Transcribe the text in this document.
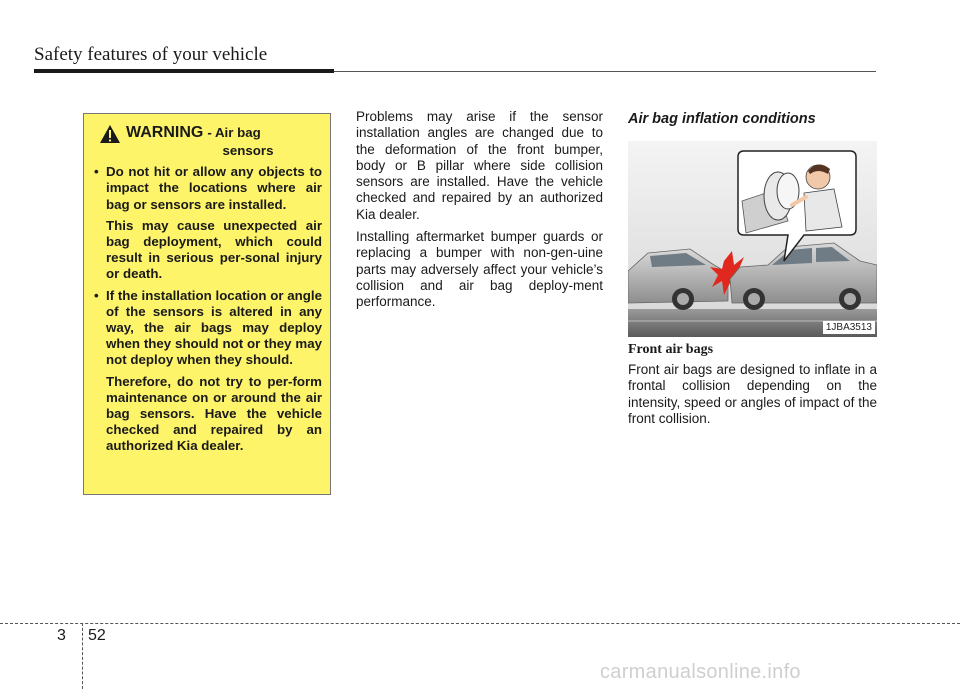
Safety features of your vehicle
WARNING - Air bag
sensors
• Do not hit or allow any objects to impact the locations where air bag or sensors are installed.

This may cause unexpected air bag deployment, which could result in serious per-sonal injury or death.

• If the installation location or angle of the sensors is altered in any way, the air bags may deploy when they should not or they may not deploy when they should.

Therefore, do not try to per-form maintenance on or around the air bag sensors. Have the vehicle checked and repaired by an authorized Kia dealer.

Problems may arise if the sensor installation angles are changed due to the deformation of the front bumper, body or B pillar where side collision sensors are installed. Have the vehicle checked and repaired by an authorized Kia dealer.

Installing aftermarket bumper guards or replacing a bumper with non-gen-uine parts may adversely affect your vehicle’s collision and air bag deploy-ment performance.

Air bag inflation conditions
1JBA3513
Front air bags

Front air bags are designed to inflate in a frontal collision depending on the intensity, speed or angles of impact of the front collision.

3 52
carmanualsonline.info
